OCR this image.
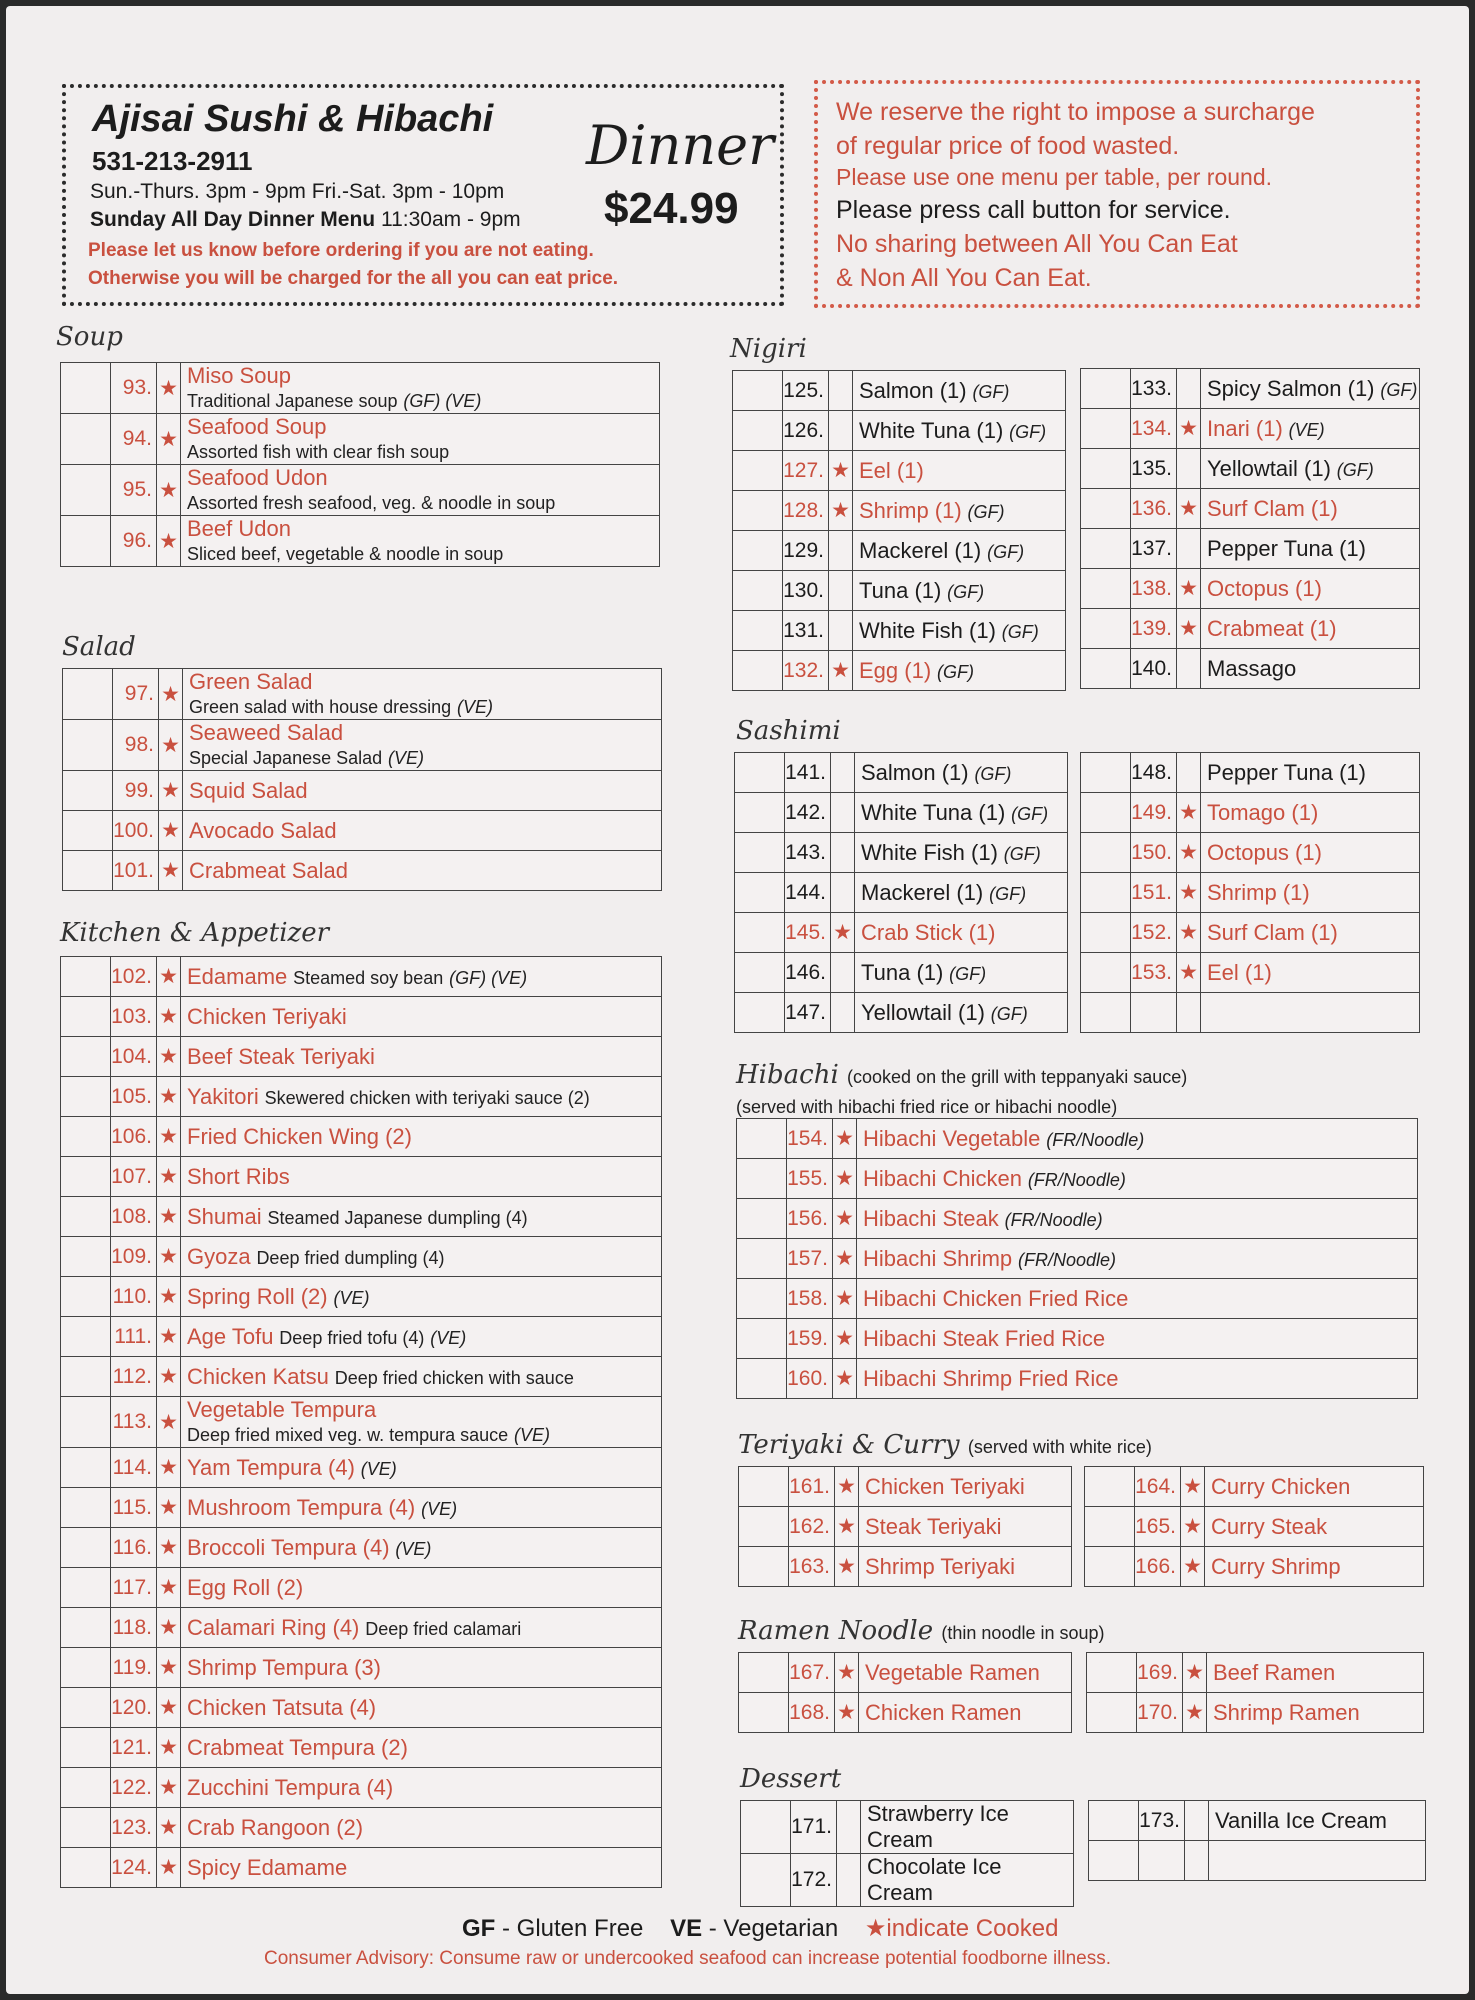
Ajisai Sushi & Hibachi
531-213-2911
Sun.-Thurs. 3pm - 9pm Fri.-Sat. 3pm - 10pm
Sunday All Day Dinner Menu 11:30am - 9pm
Please let us know before ordering if you are not eating.
Otherwise you will be charged for the all you can eat price.
Dinner
$24.99
We reserve the right to impose a surcharge
of regular price of food wasted.
Please use one menu per table, per round.
Please press call button for service.
No sharing between All You Can Eat
& Non All You Can Eat.
Soup
	93.	★	Miso Soup
Traditional Japanese soup (GF) (VE)
	94.	★	Seafood Soup
Assorted fish with clear fish soup
	95.	★	Seafood Udon
Assorted fresh seafood, veg. & noodle in soup
	96.	★	Beef Udon
Sliced beef, vegetable & noodle in soup
Salad
	97.	★	Green Salad
Green salad with house dressing (VE)
	98.	★	Seaweed Salad
Special Japanese Salad (VE)
	99.	★	Squid Salad
	100.	★	Avocado Salad
	101.	★	Crabmeat Salad
Kitchen & Appetizer
	102.	★	Edamame Steamed soy bean (GF) (VE)
	103.	★	Chicken Teriyaki
	104.	★	Beef Steak Teriyaki
	105.	★	Yakitori Skewered chicken with teriyaki sauce (2)
	106.	★	Fried Chicken Wing (2)
	107.	★	Short Ribs
	108.	★	Shumai Steamed Japanese dumpling (4)
	109.	★	Gyoza Deep fried dumpling (4)
	110.	★	Spring Roll (2) (VE)
	111.	★	Age Tofu Deep fried tofu (4) (VE)
	112.	★	Chicken Katsu Deep fried chicken with sauce
	113.	★	Vegetable Tempura
Deep fried mixed veg. w. tempura sauce (VE)
	114.	★	Yam Tempura (4) (VE)
	115.	★	Mushroom Tempura (4) (VE)
	116.	★	Broccoli Tempura (4) (VE)
	117.	★	Egg Roll (2)
	118.	★	Calamari Ring (4) Deep fried calamari
	119.	★	Shrimp Tempura (3)
	120.	★	Chicken Tatsuta (4)
	121.	★	Crabmeat Tempura (2)
	122.	★	Zucchini Tempura (4)
	123.	★	Crab Rangoon (2)
	124.	★	Spicy Edamame
Nigiri
	125.		Salmon (1) (GF)
	126.		White Tuna (1) (GF)
	127.	★	Eel (1)
	128.	★	Shrimp (1) (GF)
	129.		Mackerel (1) (GF)
	130.		Tuna (1) (GF)
	131.		White Fish (1) (GF)
	132.	★	Egg (1) (GF)
	133.		Spicy Salmon (1) (GF)
	134.	★	Inari (1) (VE)
	135.		Yellowtail (1) (GF)
	136.	★	Surf Clam (1)
	137.		Pepper Tuna (1)
	138.	★	Octopus (1)
	139.	★	Crabmeat (1)
	140.		Massago
Sashimi
	141.		Salmon (1) (GF)
	142.		White Tuna (1) (GF)
	143.		White Fish (1) (GF)
	144.		Mackerel (1) (GF)
	145.	★	Crab Stick (1)
	146.		Tuna (1) (GF)
	147.		Yellowtail (1) (GF)
	148.		Pepper Tuna (1)
	149.	★	Tomago (1)
	150.	★	Octopus (1)
	151.	★	Shrimp (1)
	152.	★	Surf Clam (1)
	153.	★	Eel (1)

Hibachi (cooked on the grill with teppanyaki sauce)
(served with hibachi fried rice or hibachi noodle)
	154.	★	Hibachi Vegetable (FR/Noodle)
	155.	★	Hibachi Chicken (FR/Noodle)
	156.	★	Hibachi Steak (FR/Noodle)
	157.	★	Hibachi Shrimp (FR/Noodle)
	158.	★	Hibachi Chicken Fried Rice
	159.	★	Hibachi Steak Fried Rice
	160.	★	Hibachi Shrimp Fried Rice
Teriyaki & Curry (served with white rice)
	161.	★	Chicken Teriyaki
	162.	★	Steak Teriyaki
	163.	★	Shrimp Teriyaki
	164.	★	Curry Chicken
	165.	★	Curry Steak
	166.	★	Curry Shrimp
Ramen Noodle (thin noodle in soup)
	167.	★	Vegetable Ramen
	168.	★	Chicken Ramen
	169.	★	Beef Ramen
	170.	★	Shrimp Ramen
Dessert
	171.		Strawberry Ice Cream
	172.		Chocolate Ice Cream
	173.		Vanilla Ice Cream

GF - Gluten Free VE - Vegetarian ★indicate Cooked
Consumer Advisory: Consume raw or undercooked seafood can increase potential foodborne illness.
